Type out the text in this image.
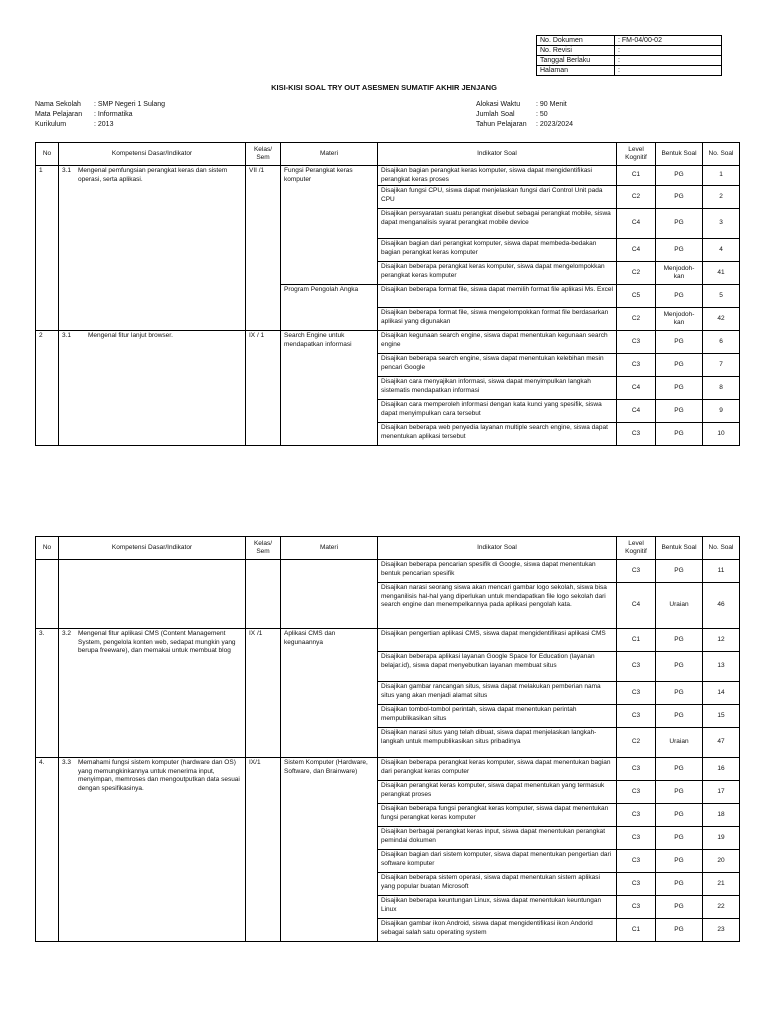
No. Dokumen	: FM-04/00-02
No. Revisi	:
Tanggal Berlaku	:
Halaman	:
KISI-KISI SOAL TRY OUT ASESMEN SUMATIF AKHIR JENJANG
Nama Sekolah	: SMP Negeri 1 Sulang
Mata Pelajaran	: Informatika
Kurikulum	: 2013
Alokasi Waktu	: 90 Menit
Jumlah Soal	: 50
Tahun Pelajaran	: 2023/2024
No	Kompetensi Dasar/Indikator	Kelas/ Sem	Materi	Indikator Soal	Level Kognitif	Bentuk Soal	No. Soal
1	3.1 Mengenal pemfungsian perangkat keras dan sistem operasi, serta aplikasi.	VII /1	Fungsi Perangkat keras komputer	Disajikan bagian perangkat keras komputer, siswa dapat mengidentifikasi perangkat keras proses	C1	PG	1
				Disajikan fungsi CPU, siswa dapat menjelaskan fungsi dari Control Unit pada CPU	C2	PG	2
				Disajikan persyaratan suatu perangkat disebut sebagai perangkat mobile, siswa dapat menganalisis syarat perangkat mobile device	C4	PG	3
				Disajikan bagian dari perangkat komputer, siswa dapat membeda-bedakan bagian perangkat keras komputer	C4	PG	4
				Disajikan beberapa perangkat keras komputer, siswa dapat mengelompokkan perangkat keras komputer	C2	Menjodoh-kan	41
			Program Pengolah Angka	Disajikan beberapa format file, siswa dapat memilih format file aplikasi Ms. Excel	C5	PG	5
				Disajikan beberapa format file, siswa mengelompokkan format file berdasarkan aplikasi yang digunakan	C2	Menjodoh-kan	42
2	3.1 Mengenal fitur lanjut browser.	IX / 1	Search Engine untuk mendapatkan informasi	Disajikan kegunaan search engine, siswa dapat menentukan kegunaan search engine	C3	PG	6
				Disajikan beberapa search engine, siswa dapat menentukan kelebihan mesin pencari Google	C3	PG	7
				Disajikan cara menyajikan informasi, siswa dapat menyimpulkan langkah sistematis mendapatkan informasi	C4	PG	8
				Disajikan cara memperoleh informasi dengan kata kunci yang spesifik, siswa dapat menyimpulkan cara tersebut	C4	PG	9
				Disajikan beberapa web penyedia layanan multiple search engine, siswa dapat menentukan aplikasi tersebut	C3	PG	10
No	Kompetensi Dasar/Indikator	Kelas/ Sem	Materi	Indikator Soal	Level Kognitif	Bentuk Soal	No. Soal

			Disajikan beberapa pencarian spesifik di Google, siswa dapat menentukan bentuk pencarian spesifik	C3	PG	11
				Disajikan narasi seorang siswa akan mencari gambar logo sekolah, siswa bisa menganilisis hal-hal yang diperlukan untuk mendapatkan file logo sekolah dari search engine dan menempelkannya pada aplikasi pengolah kata.	C4	Uraian	46
3.	3.2 Mengenal fitur aplikasi CMS (Content Management System, pengelola konten web, sedapat mungkin yang berupa freeware), dan memakai untuk membuat blog	IX /1	Aplikasi CMS dan kegunaannya	Disajikan pengertian aplikasi CMS, siswa dapat mengidentifikasi aplikasi CMS	C1	PG	12
				Disajikan beberapa aplikasi layanan Google Space for Education (layanan belajar.id), siswa dapat menyebutkan layanan membuat situs	C3	PG	13
				Disajikan gambar rancangan situs, siswa dapat melakukan pemberian nama situs yang akan menjadi alamat situs	C3	PG	14
				Disajikan tombol-tombol perintah, siswa dapat menentukan perintah mempublikasikan situs	C3	PG	15
				Disajikan narasi situs yang telah dibuat, siswa dapat menjelaskan langkah-langkah untuk mempublikasikan situs pribadinya	C2	Uraian	47
4.	3.3 Memahami fungsi sistem komputer (hardware dan OS) yang memungkinkannya untuk menerima input, menyimpan, memroses dan mengoutputkan data sesuai dengan spesifikasinya.	IX/1	Sistem Komputer (Hardware, Software, dan Brainware)	Disajikan beberapa perangkat keras komputer, siswa dapat menentukan bagian dari perangkat keras computer	C3	PG	16
				Disajikan perangkat keras komputer, siswa dapat menentukan yang termasuk perangkat proses	C3	PG	17
				Disajikan beberapa fungsi perangkat keras komputer, siswa dapat menentukan fungsi perangkat keras komputer	C3	PG	18
				Disajikan berbagai perangkat keras input, siswa dapat menentukan perangkat pemindai dokumen	C3	PG	19
				Disajikan bagian dari sistem komputer, siswa dapat menentukan pengertian dari software komputer	C3	PG	20
				Disajikan beberapa sistem operasi, siswa dapat menentukan sistem aplikasi yang popular buatan Microsoft	C3	PG	21
				Disajikan beberapa keuntungan Linux, siswa dapat menentukan keuntungan Linux	C3	PG	22
				Disajikan gambar ikon Android, siswa dapat mengidentifikasi ikon Andorid sebagai salah satu operating system	C1	PG	23
